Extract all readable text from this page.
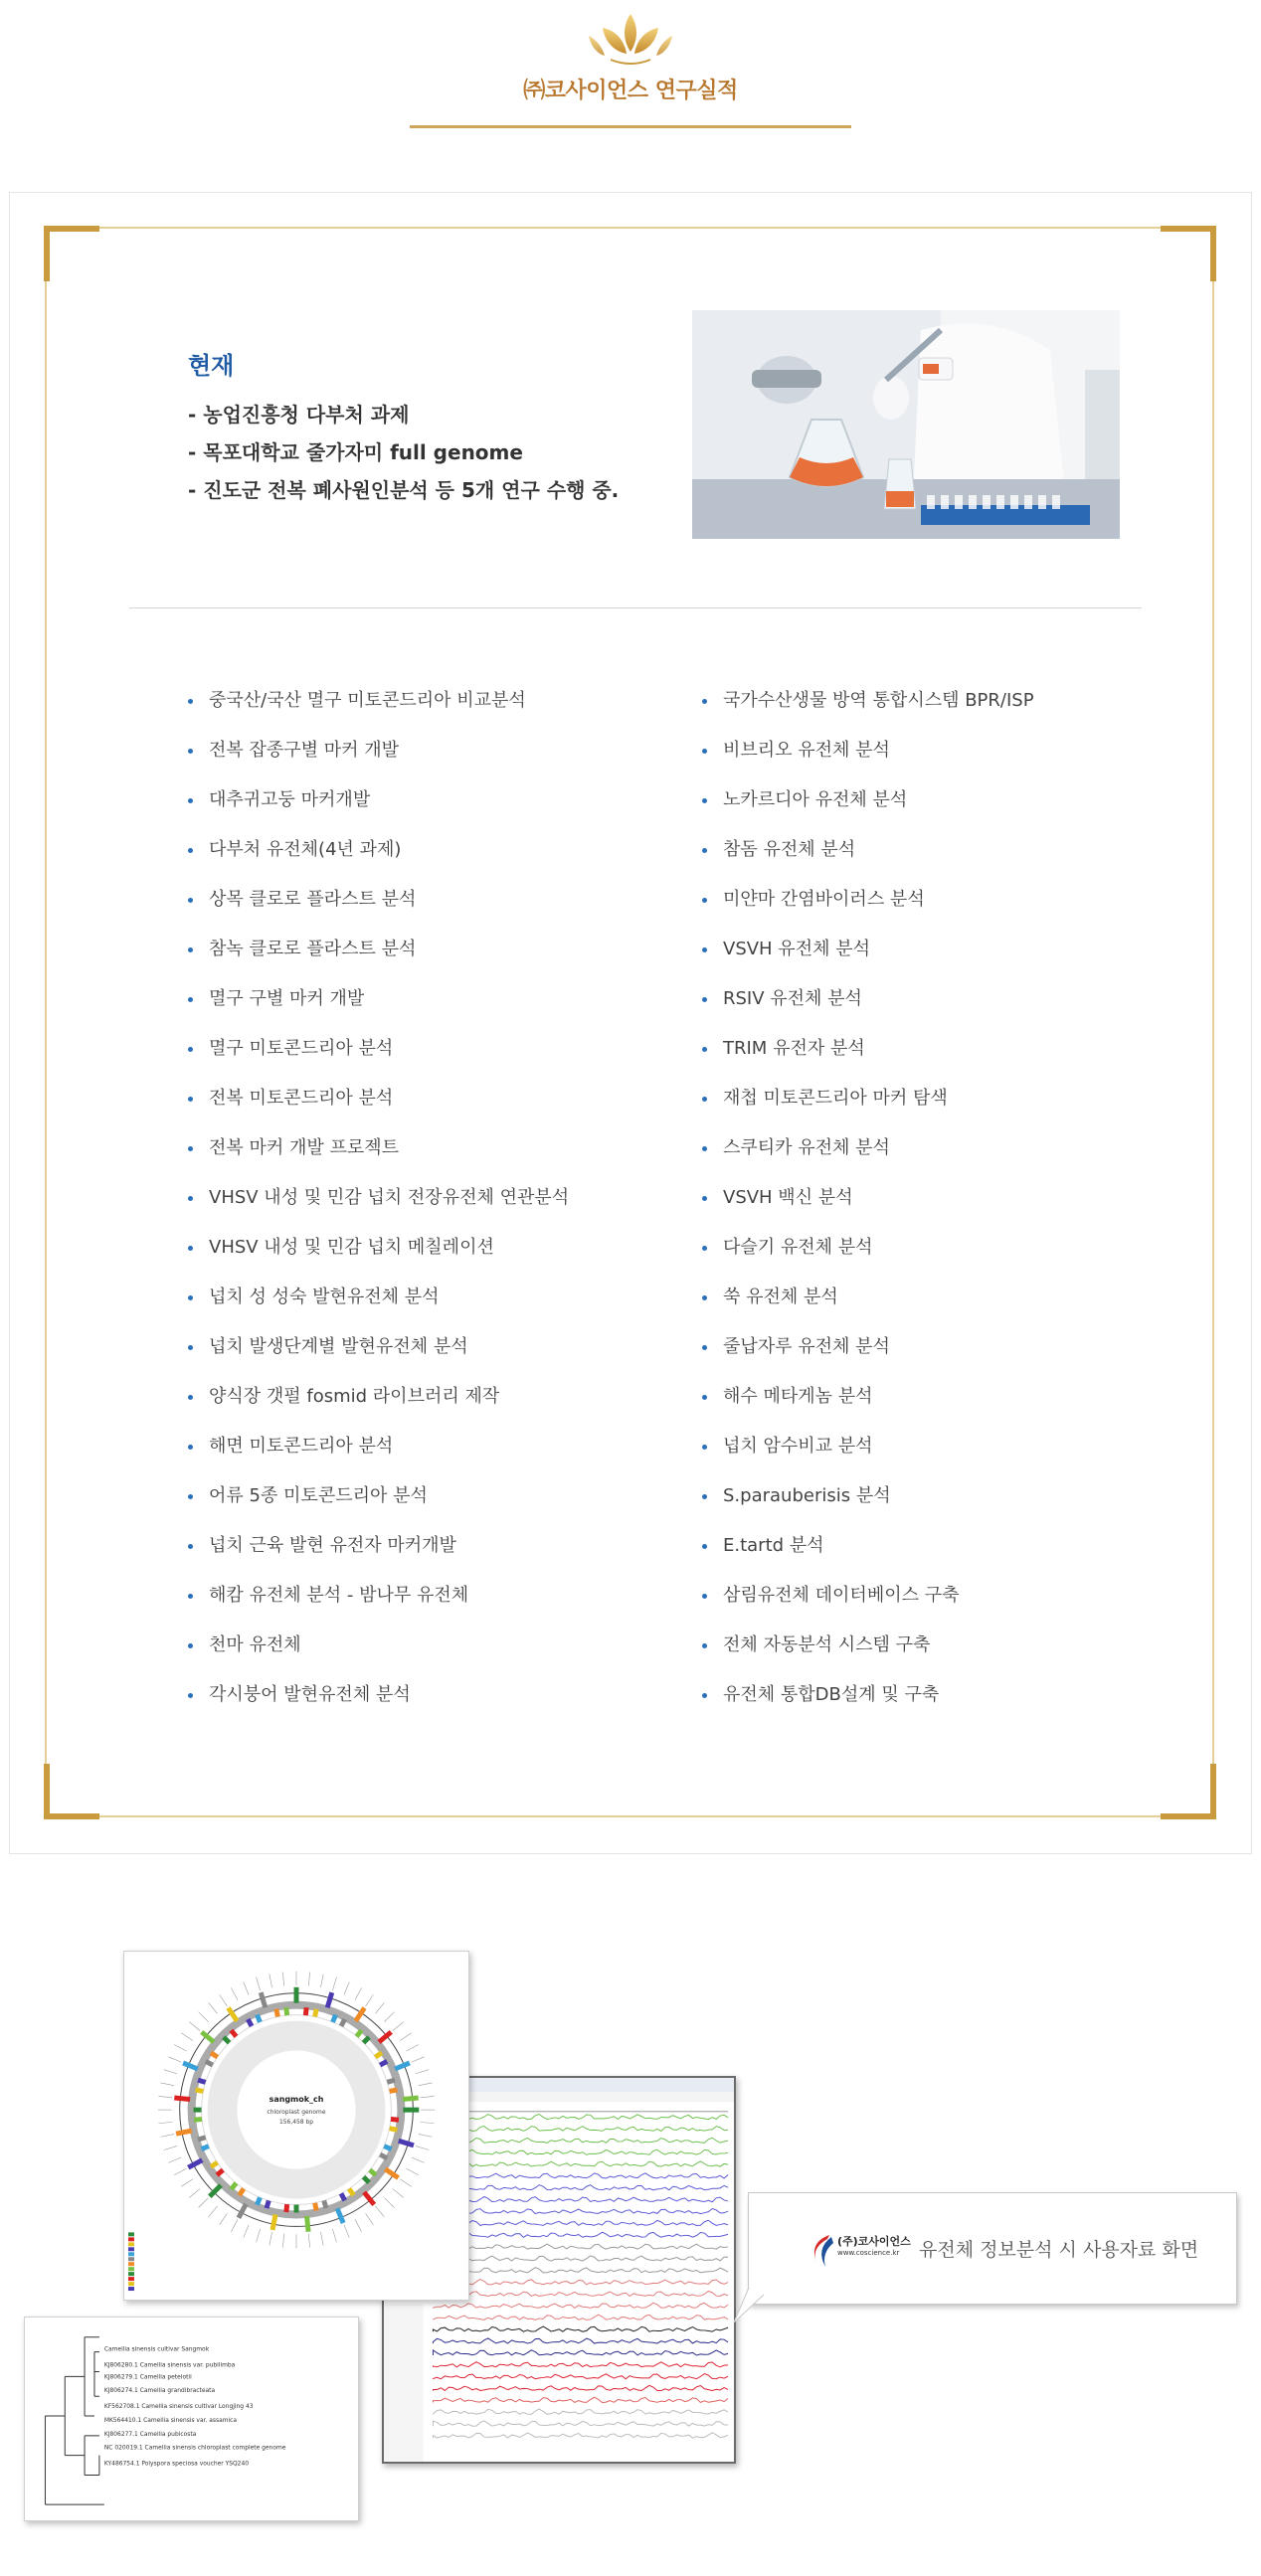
㈜코사이언스 연구실적
현재
- 농업진흥청 다부처 과제
- 목포대학교 줄가자미 full genome
- 진도군 전복 폐사원인분석 등 5개 연구 수행 중.
중국산/국산 멸구 미토콘드리아 비교분석
전복 잡종구별 마커 개발
대추귀고둥 마커개발
다부처 유전체(4년 과제)
상목 클로로 플라스트 분석
참녹 클로로 플라스트 분석
멸구 구별 마커 개발
멸구 미토콘드리아 분석
전복 미토콘드리아 분석
전복 마커 개발 프로젝트
VHSV 내성 및 민감 넙치 전장유전체 연관분석
VHSV 내성 및 민감 넙치 메칠레이션
넙치 성 성숙 발현유전체 분석
넙치 발생단계별 발현유전체 분석
양식장 갯펄 fosmid 라이브러리 제작
해면 미토콘드리아 분석
어류 5종 미토콘드리아 분석
넙치 근육 발현 유전자 마커개발
해캄 유전체 분석 - 밤나무 유전체
천마 유전체
각시붕어 발현유전체 분석
국가수산생물 방역 통합시스템 BPR/ISP
비브리오 유전체 분석
노카르디아 유전체 분석
참돔 유전체 분석
미얀마 간염바이러스 분석
VSVH 유전체 분석
RSIV 유전체 분석
TRIM 유전자 분석
재첩 미토콘드리아 마커 탐색
스쿠티카 유전체 분석
VSVH 백신 분석
다슬기 유전체 분석
쑥 유전체 분석
줄납자루 유전체 분석
해수 메타게놈 분석
넙치 암수비교 분석
S.parauberisis 분석
E.tartd 분석
삼림유전체 데이터베이스 구축
전체 자동분석 시스템 구축
유전체 통합DB설계 및 구축
sangmok_ch
chloroplast genome
156,458 bp
Camellia sinensis cultivar Sangmok
KJ806280.1 Camellia sinensis var. pubilimba
KJ806279.1 Camellia petelotii
KJ806274.1 Camellia grandibracteata
KF562708.1 Camellia sinensis cultivar Longjing 43
MK564410.1 Camellia sinensis var. assamica
KJ806277.1 Camellia pubicosta
NC 020019.1 Camellia sinensis chloroplast complete genome
KY486754.1 Polyspora speciosa voucher YSQ240
(주)코사이언스
www.coscience.kr 유전체 정보분석 시 사용자료 화면
